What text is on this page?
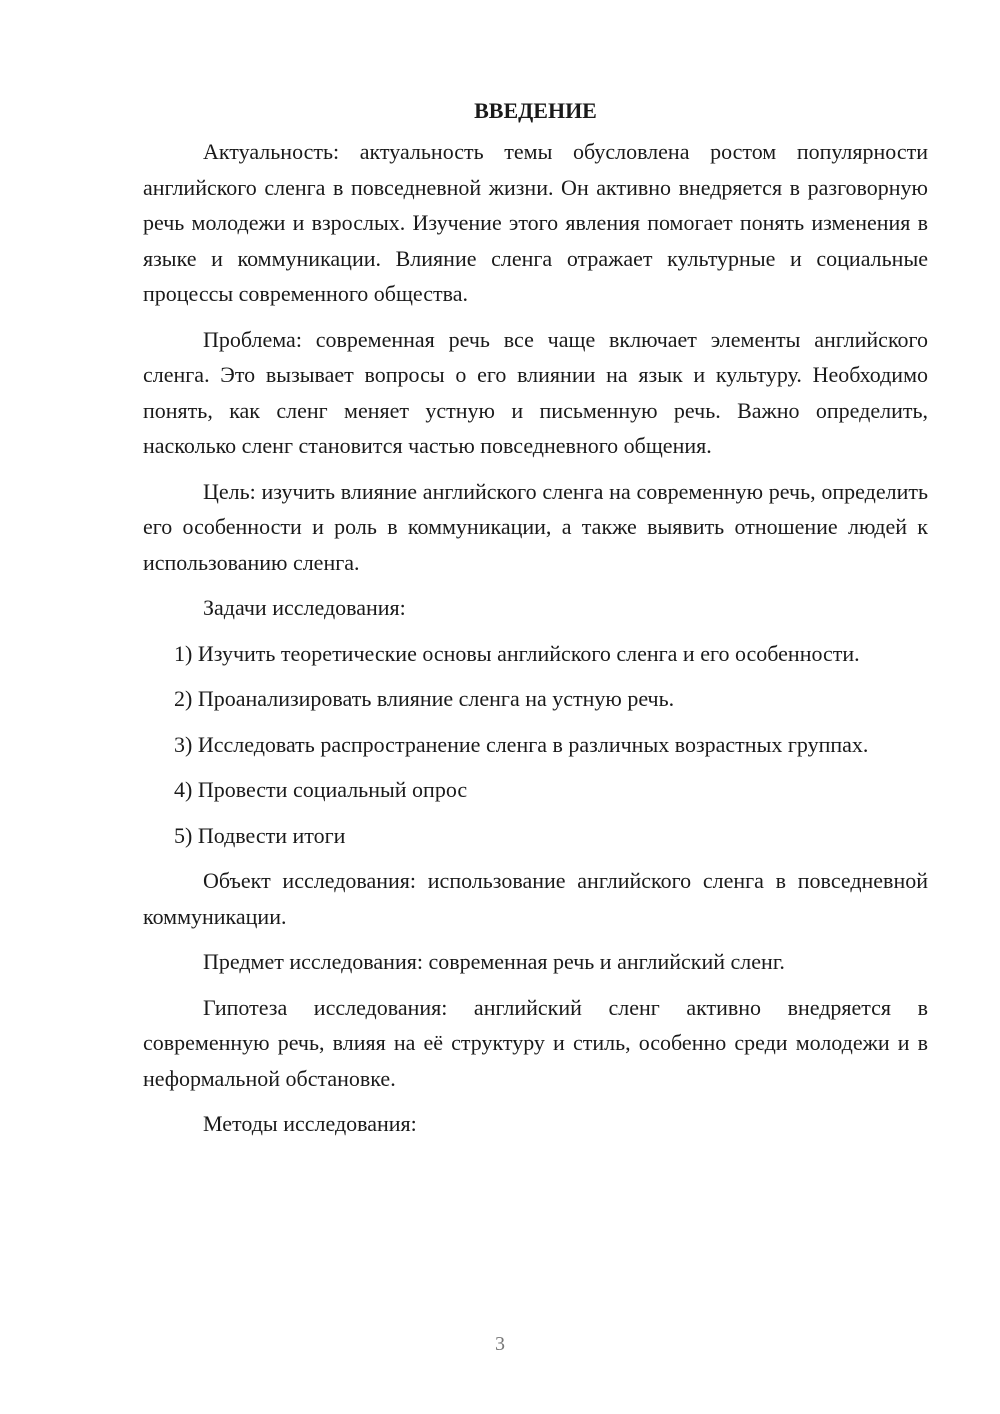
ВВЕДЕНИЕ

Актуальность: актуальность темы обусловлена ростом популярности английского сленга в повседневной жизни. Он активно внедряется в разговорную речь молодежи и взрослых. Изучение этого явления помогает понять изменения в языке и коммуникации. Влияние сленга отражает культурные и социальные процессы современного общества.

Проблема: современная речь все чаще включает элементы английского сленга. Это вызывает вопросы о его влиянии на язык и культуру. Необходимо понять, как сленг меняет устную и письменную речь. Важно определить, насколько сленг становится частью повседневного общения.

Цель: изучить влияние английского сленга на современную речь, определить его особенности и роль в коммуникации, а также выявить отношение людей к использованию сленга.

Задачи исследования:

1) Изучить теоретические основы английского сленга и его особенности.

2) Проанализировать влияние сленга на устную речь.

3) Исследовать распространение сленга в различных возрастных группах.

4) Провести социальный опрос

5) Подвести итоги

Объект исследования: использование английского сленга в повседневной коммуникации.

Предмет исследования: современная речь и английский сленг.

Гипотеза исследования: английский сленг активно внедряется в современную речь, влияя на её структуру и стиль, особенно среди молодежи и в неформальной обстановке.

Методы исследования:

3
